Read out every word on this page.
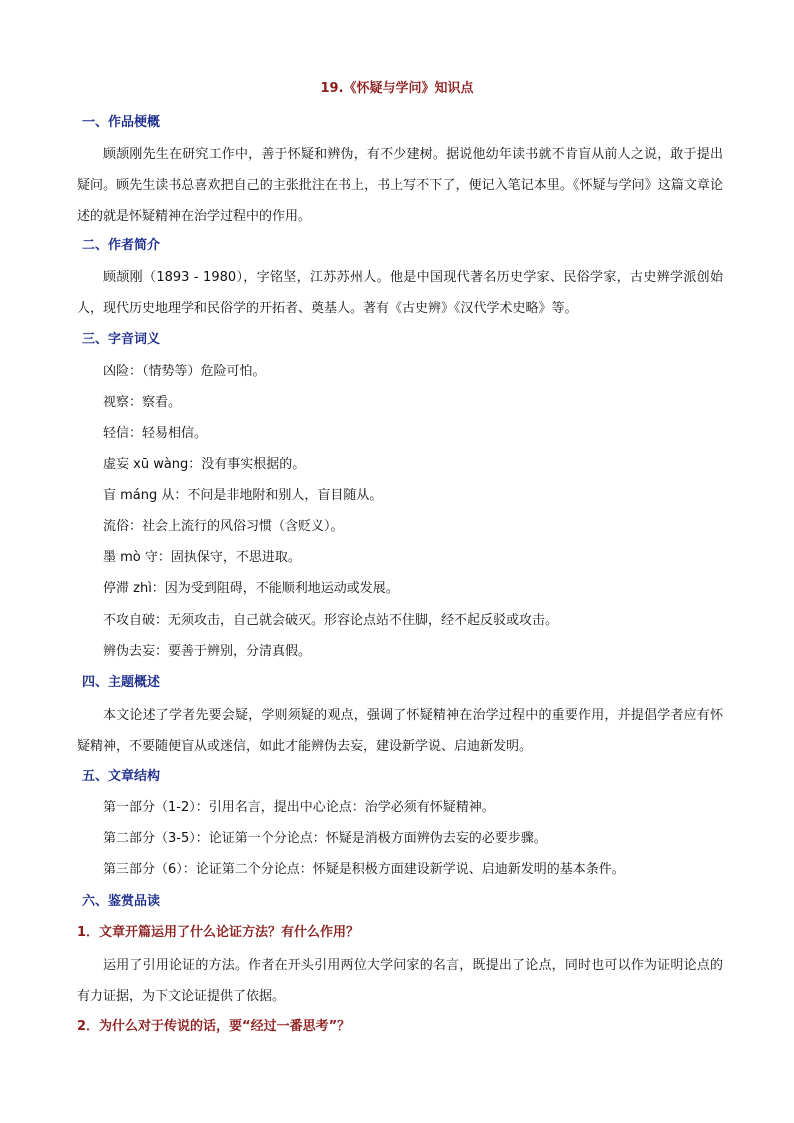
19.《怀疑与学问》知识点
一、作品梗概
顾颉刚先生在研究工作中，善于怀疑和辨伪，有不少建树。据说他幼年读书就不肯盲从前人之说，敢于提出疑问。顾先生读书总喜欢把自己的主张批注在书上，书上写不下了，便记入笔记本里。《怀疑与学问》这篇文章论述的就是怀疑精神在治学过程中的作用。
二、作者简介
顾颉刚（1893 - 1980），字铭坚，江苏苏州人。他是中国现代著名历史学家、民俗学家，古史辨学派创始人，现代历史地理学和民俗学的开拓者、奠基人。著有《古史辨》《汉代学术史略》等。
三、字音词义
凶险：（情势等）危险可怕。
视察：察看。
轻信：轻易相信。
虚妄 xū wàng：没有事实根据的。
盲 máng 从：不问是非地附和别人，盲目随从。
流俗：社会上流行的风俗习惯（含贬义）。
墨 mò 守：固执保守，不思进取。
停滞 zhì：因为受到阻碍，不能顺利地运动或发展。
不攻自破：无须攻击，自己就会破灭。形容论点站不住脚，经不起反驳或攻击。
辨伪去妄：要善于辨别，分清真假。
四、主题概述
本文论述了学者先要会疑，学则须疑的观点，强调了怀疑精神在治学过程中的重要作用，并提倡学者应有怀疑精神，不要随便盲从或迷信，如此才能辨伪去妄，建设新学说、启迪新发明。
五、文章结构
第一部分（1-2）：引用名言，提出中心论点：治学必须有怀疑精神。
第二部分（3-5）：论证第一个分论点：怀疑是消极方面辨伪去妄的必要步骤。
第三部分（6）：论证第二个分论点：怀疑是积极方面建设新学说、启迪新发明的基本条件。
六、鉴赏品读
1．文章开篇运用了什么论证方法？有什么作用？
运用了引用论证的方法。作者在开头引用两位大学问家的名言，既提出了论点，同时也可以作为证明论点的有力证据，为下文论证提供了依据。
2．为什么对于传说的话，要“经过一番思考”？
